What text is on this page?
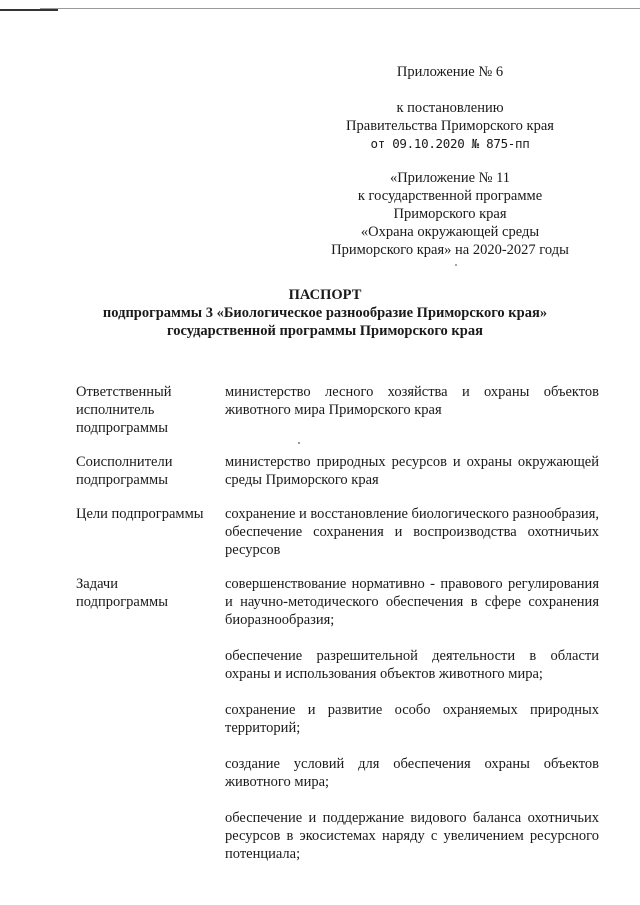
Приложение № 6
к постановлению
Правительства Приморского края
от 09.10.2020 № 875-пп
«Приложение № 11
к государственной программе
Приморского края
«Охрана окружающей среды
Приморского края» на 2020-2027 годы
ПАСПОРТ
подпрограммы 3 «Биологическое разнообразие Приморского края»
государственной программы Приморского края
Ответственный исполнитель подпрограммы

министерство лесного хозяйства и охраны объектов животного мира Приморского края

Соисполнители подпрограммы

министерство природных ресурсов и охраны окружающей среды Приморского края

Цели подпрограммы	сохранение и восстановление биологического разнообразия, обеспечение сохранения и воспроизводства охотничьих ресурсов

Задачи подпрограммы

совершенствование нормативно - правового регулирования и научно-методического обеспечения в сфере сохранения биоразнообразия;

обеспечение разрешительной деятельности в области охраны и использования объектов животного мира;

сохранение и развитие особо охраняемых природных территорий;

создание условий для обеспечения охраны объектов животного мира;

обеспечение и поддержание видового баланса охотничьих ресурсов в экосистемах наряду с увеличением ресурсного потенциала;
